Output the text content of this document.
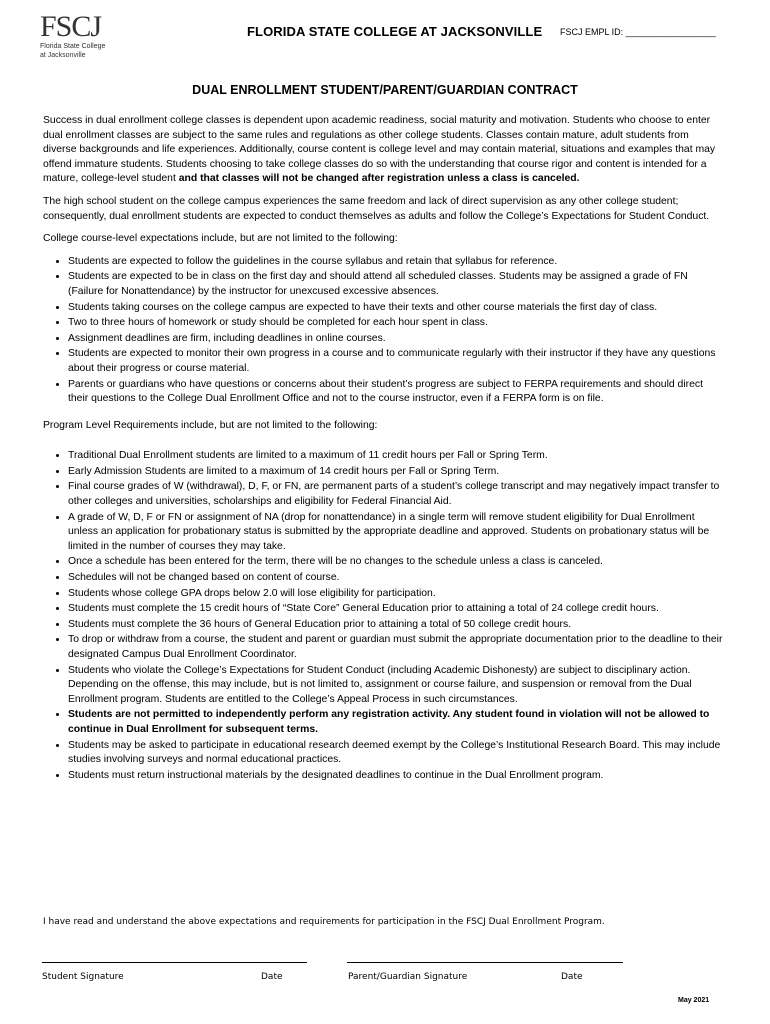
FSCJ
Florida State College
at Jacksonville
FLORIDA STATE COLLEGE AT JACKSONVILLE FSCJ EMPL ID: __________________
DUAL ENROLLMENT STUDENT/PARENT/GUARDIAN CONTRACT

Success in dual enrollment college classes is dependent upon academic readiness, social maturity and motivation. Students who choose to enter dual enrollment classes are subject to the same rules and regulations as other college students. Classes contain mature, adult students from diverse backgrounds and life experiences. Additionally, course content is college level and may contain material, situations and examples that may offend immature students. Students choosing to take college classes do so with the understanding that course rigor and content is intended for a mature, college-level student and that classes will not be changed after registration unless a class is canceled.

The high school student on the college campus experiences the same freedom and lack of direct supervision as any other college student; consequently, dual enrollment students are expected to conduct themselves as adults and follow the College’s Expectations for Student Conduct.

College course-level expectations include, but are not limited to the following:

• Students are expected to follow the guidelines in the course syllabus and retain that syllabus for reference.
• Students are expected to be in class on the first day and should attend all scheduled classes. Students may be assigned a grade of FN (Failure for Nonattendance) by the instructor for unexcused excessive absences.
• Students taking courses on the college campus are expected to have their texts and other course materials the first day of class.
• Two to three hours of homework or study should be completed for each hour spent in class.
• Assignment deadlines are firm, including deadlines in online courses.
• Students are expected to monitor their own progress in a course and to communicate regularly with their instructor if they have any questions about their progress or course material.
• Parents or guardians who have questions or concerns about their student’s progress are subject to FERPA requirements and should direct their questions to the College Dual Enrollment Office and not to the course instructor, even if a FERPA form is on file.

Program Level Requirements include, but are not limited to the following:

• Traditional Dual Enrollment students are limited to a maximum of 11 credit hours per Fall or Spring Term.
• Early Admission Students are limited to a maximum of 14 credit hours per Fall or Spring Term.
• Final course grades of W (withdrawal), D, F, or FN, are permanent parts of a student’s college transcript and may negatively impact transfer to other colleges and universities, scholarships and eligibility for Federal Financial Aid.
• A grade of W, D, F or FN or assignment of NA (drop for nonattendance) in a single term will remove student eligibility for Dual Enrollment unless an application for probationary status is submitted by the appropriate deadline and approved. Students on probationary status will be limited in the number of courses they may take.
• Once a schedule has been entered for the term, there will be no changes to the schedule unless a class is canceled.
• Schedules will not be changed based on content of course.
• Students whose college GPA drops below 2.0 will lose eligibility for participation.
• Students must complete the 15 credit hours of “State Core” General Education prior to attaining a total of 24 college credit hours.
• Students must complete the 36 hours of General Education prior to attaining a total of 50 college credit hours.
• To drop or withdraw from a course, the student and parent or guardian must submit the appropriate documentation prior to the deadline to their designated Campus Dual Enrollment Coordinator.
• Students who violate the College’s Expectations for Student Conduct (including Academic Dishonesty) are subject to disciplinary action. Depending on the offense, this may include, but is not limited to, assignment or course failure, and suspension or removal from the Dual Enrollment program. Students are entitled to the College’s Appeal Process in such circumstances.
• Students are not permitted to independently perform any registration activity. Any student found in violation will not be allowed to continue in Dual Enrollment for subsequent terms.
• Students may be asked to participate in educational research deemed exempt by the College’s Institutional Research Board. This may include studies involving surveys and normal educational practices.
• Students must return instructional materials by the designated deadlines to continue in the Dual Enrollment program.
I have read and understand the above expectations and requirements for participation in the FSCJ Dual Enrollment Program.
Student Signature	Date	Parent/Guardian Signature	Date
May 2021
